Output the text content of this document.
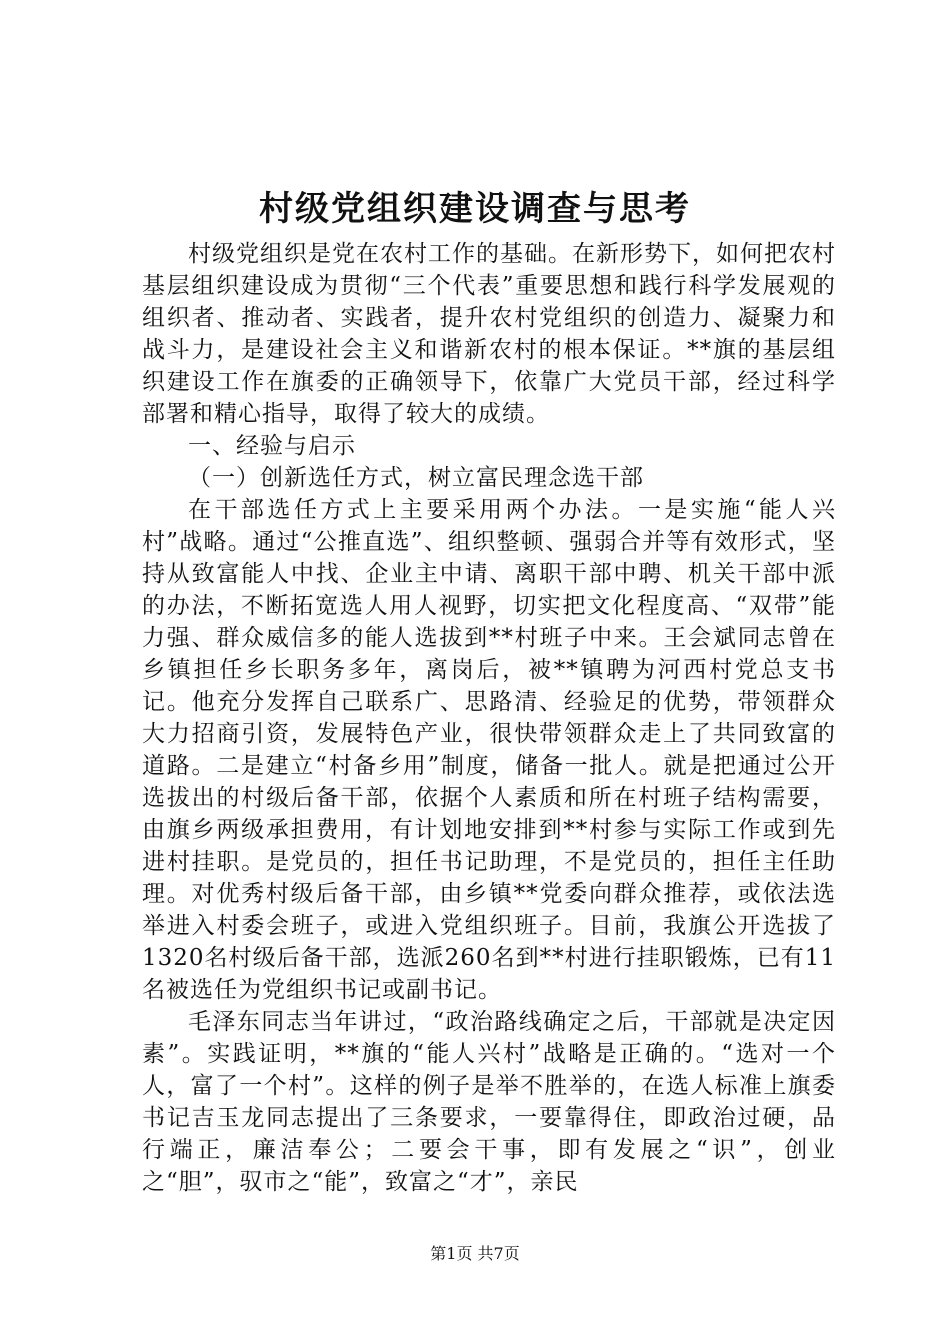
村级党组织建设调查与思考

村级党组织是党在农村工作的基础。在新形势下，如何把农村基层组织建设成为贯彻“三个代表”重要思想和践行科学发展观的组织者、推动者、实践者，提升农村党组织的创造力、凝聚力和战斗力，是建设社会主义和谐新农村的根本保证。**旗的基层组织建设工作在旗委的正确领导下，依靠广大党员干部，经过科学部署和精心指导，取得了较大的成绩。

一、经验与启示

（一）创新选任方式，树立富民理念选干部

在干部选任方式上主要采用两个办法。一是实施“能人兴村”战略。通过“公推直选”、组织整顿、强弱合并等有效形式，坚持从致富能人中找、企业主中请、离职干部中聘、机关干部中派的办法，不断拓宽选人用人视野，切实把文化程度高、“双带”能力强、群众威信多的能人选拔到**村班子中来。王会斌同志曾在乡镇担任乡长职务多年，离岗后，被**镇聘为河西村党总支书记。他充分发挥自己联系广、思路清、经验足的优势，带领群众大力招商引资，发展特色产业，很快带领群众走上了共同致富的道路。二是建立“村备乡用”制度，储备一批人。就是把通过公开选拔出的村级后备干部，依据个人素质和所在村班子结构需要，由旗乡两级承担费用，有计划地安排到**村参与实际工作或到先进村挂职。是党员的，担任书记助理，不是党员的，担任主任助理。对优秀村级后备干部，由乡镇**党委向群众推荐，或依法选举进入村委会班子，或进入党组织班子。目前，我旗公开选拔了1320名村级后备干部，选派260名到**村进行挂职锻炼，已有11名被选任为党组织书记或副书记。

毛泽东同志当年讲过，“政治路线确定之后，干部就是决定因素”。实践证明，**旗的“能人兴村”战略是正确的。“选对一个人，富了一个村”。这样的例子是举不胜举的，在选人标准上旗委书记吉玉龙同志提出了三条要求，一要靠得住，即政治过硬，品行端正，廉洁奉公；二要会干事，即有发展之“识”，创业之“胆”，驭市之“能”，致富之“才”，亲民

第1页 共7页
